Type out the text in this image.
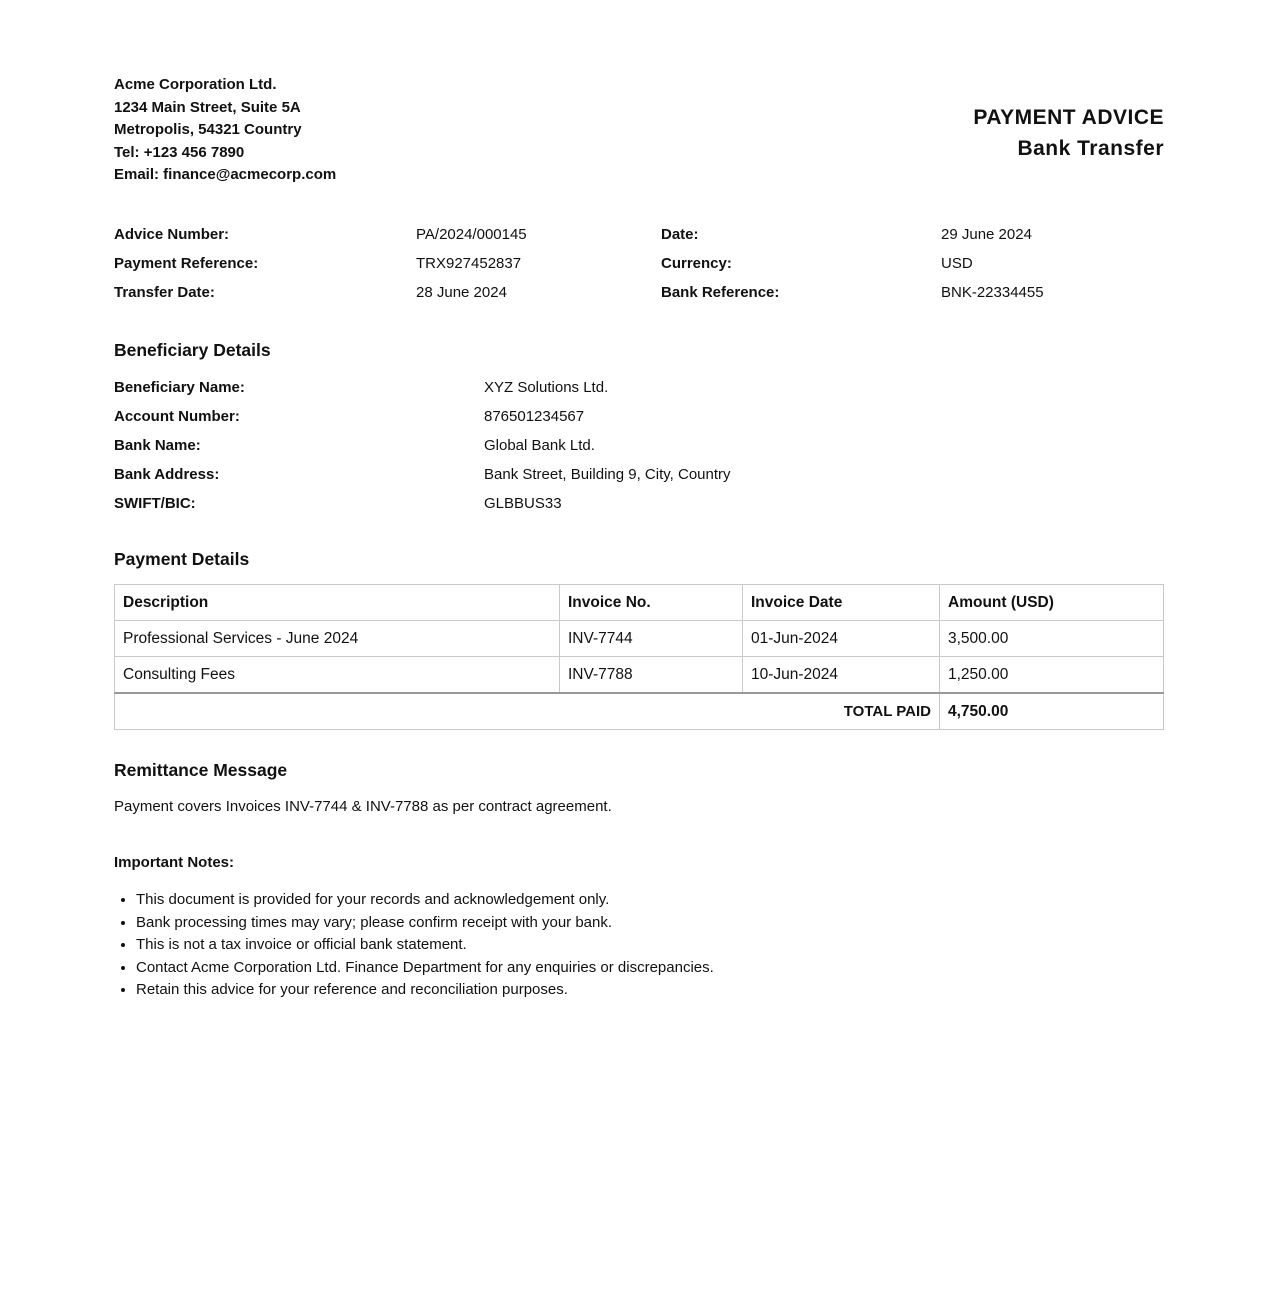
Acme Corporation Ltd.
1234 Main Street, Suite 5A
Metropolis, 54321 Country
Tel: +123 456 7890
Email: finance@acmecorp.com
PAYMENT ADVICE
Bank Transfer
Advice Number:	PA/2024/000145	Date:	29 June 2024
Payment Reference:	TRX927452837	Currency:	USD
Transfer Date:	28 June 2024	Bank Reference:	BNK-22334455
Beneficiary Details
Beneficiary Name:	XYZ Solutions Ltd.
Account Number:	876501234567
Bank Name:	Global Bank Ltd.
Bank Address:	Bank Street, Building 9, City, Country
SWIFT/BIC:	GLBBUS33
Payment Details
Description	Invoice No.	Invoice Date	Amount (USD)
Professional Services - June 2024	INV-7744	01-Jun-2024	3,500.00
Consulting Fees	INV-7788	10-Jun-2024	1,250.00
TOTAL PAID			4,750.00
Remittance Message
Payment covers Invoices INV-7744 & INV-7788 as per contract agreement.
Important Notes:
• This document is provided for your records and acknowledgement only.
• Bank processing times may vary; please confirm receipt with your bank.
• This is not a tax invoice or official bank statement.
• Contact Acme Corporation Ltd. Finance Department for any enquiries or discrepancies.
• Retain this advice for your reference and reconciliation purposes.
